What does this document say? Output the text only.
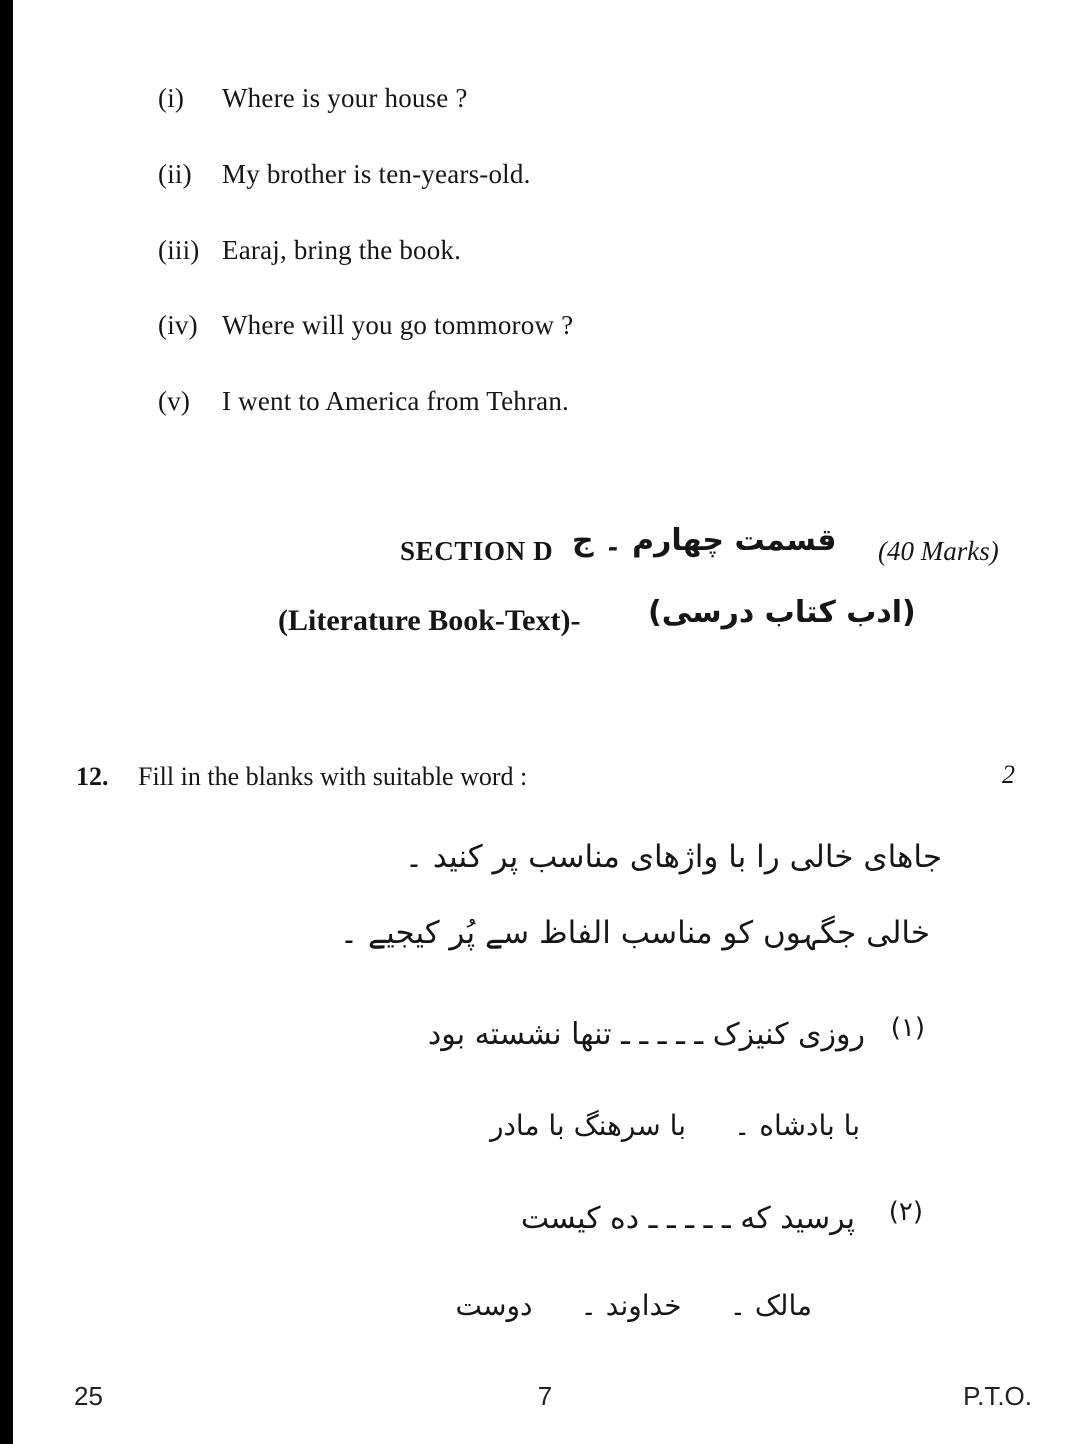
(i) Where is your house ?
(ii) My brother is ten-years-old.
(iii) Earaj, bring the book.
(iv) Where will you go tommorow ?
(v) I went to America from Tehran.
SECTION D قسمت چهارم ۔ ج (40 Marks)
(Literature Book-Text)- (ادب کتاب درسی)
12. Fill in the blanks with suitable word :	2
جاهای خالی را با واژهای مناسب پر کنید ۔
خالی جگہوں کو مناسب الفاظ سے پُر کیجیے ۔
(۱)
روزی کنیزک ـ ـ ـ ـ ـ تنها نشسته بود
با بادشاه ۔با سرهنگ با مادر
(۲)
پرسید که ـ ـ ـ ـ ـ ده کیست
مالک ۔خداوند ۔دوست
25	7	P.T.O.
